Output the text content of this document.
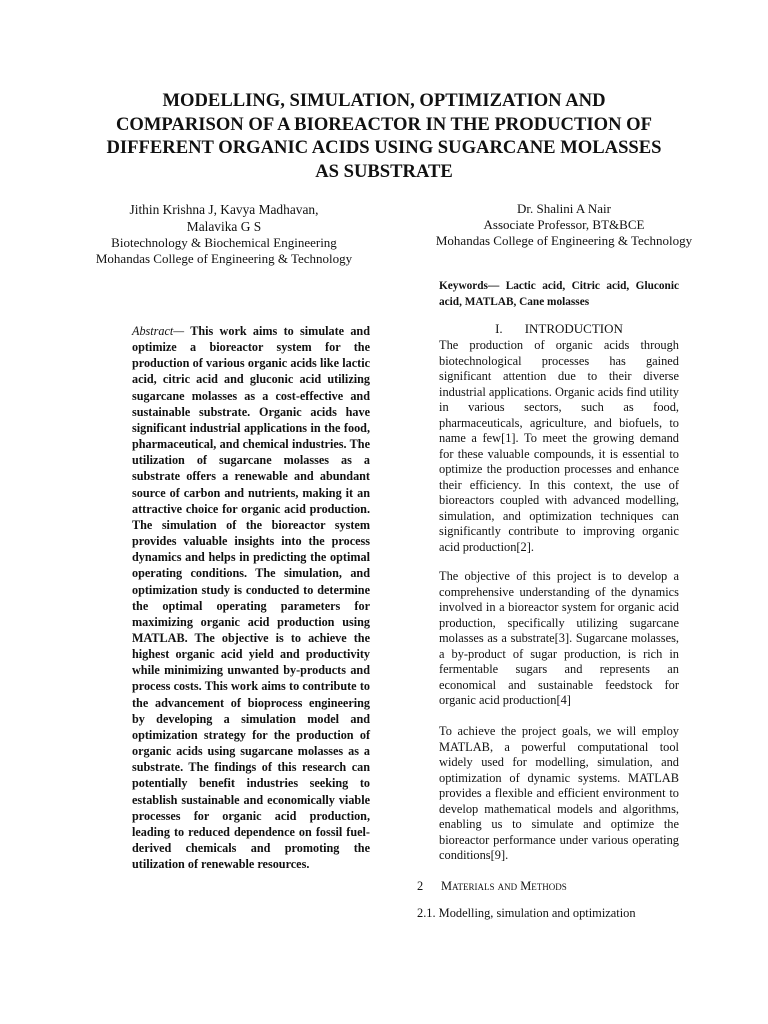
MODELLING, SIMULATION, OPTIMIZATION AND COMPARISON OF A BIOREACTOR IN THE PRODUCTION OF DIFFERENT ORGANIC ACIDS USING SUGARCANE MOLASSES AS SUBSTRATE
Jithin Krishna J, Kavya Madhavan,
Malavika G S
Biotechnology & Biochemical Engineering
Mohandas College of Engineering & Technology
Dr. Shalini A Nair
Associate Professor, BT&BCE
Mohandas College of Engineering & Technology
Keywords— Lactic acid, Citric acid, Gluconic acid, MATLAB, Cane molasses

Abstract— This work aims to simulate and optimize a bioreactor system for the production of various organic acids like lactic acid, citric acid and gluconic acid utilizing sugarcane molasses as a cost-effective and sustainable substrate. Organic acids have significant industrial applications in the food, pharmaceutical, and chemical industries. The utilization of sugarcane molasses as a substrate offers a renewable and abundant source of carbon and nutrients, making it an attractive choice for organic acid production. The simulation of the bioreactor system provides valuable insights into the process dynamics and helps in predicting the optimal operating conditions. The simulation, and optimization study is conducted to determine the optimal operating parameters for maximizing organic acid production using MATLAB. The objective is to achieve the highest organic acid yield and productivity while minimizing unwanted by-products and process costs. This work aims to contribute to the advancement of bioprocess engineering by developing a simulation model and optimization strategy for the production of organic acids using sugarcane molasses as a substrate. The findings of this research can potentially benefit industries seeking to establish sustainable and economically viable processes for organic acid production, leading to reduced dependence on fossil fuel-derived chemicals and promoting the utilization of renewable resources.

I. INTRODUCTION

The production of organic acids through biotechnological processes has gained significant attention due to their diverse industrial applications. Organic acids find utility in various sectors, such as food, pharmaceuticals, agriculture, and biofuels, to name a few[1]. To meet the growing demand for these valuable compounds, it is essential to optimize the production processes and enhance their efficiency. In this context, the use of bioreactors coupled with advanced modelling, simulation, and optimization techniques can significantly contribute to improving organic acid production[2].

The objective of this project is to develop a comprehensive understanding of the dynamics involved in a bioreactor system for organic acid production, specifically utilizing sugarcane molasses as a substrate[3]. Sugarcane molasses, a by-product of sugar production, is rich in fermentable sugars and represents an economical and sustainable feedstock for organic acid production[4]

To achieve the project goals, we will employ MATLAB, a powerful computational tool widely used for modelling, simulation, and optimization of dynamic systems. MATLAB provides a flexible and efficient environment to develop mathematical models and algorithms, enabling us to simulate and optimize the bioreactor performance under various operating conditions[9].

2 Materials and Methods
2.1. Modelling, simulation and optimization
